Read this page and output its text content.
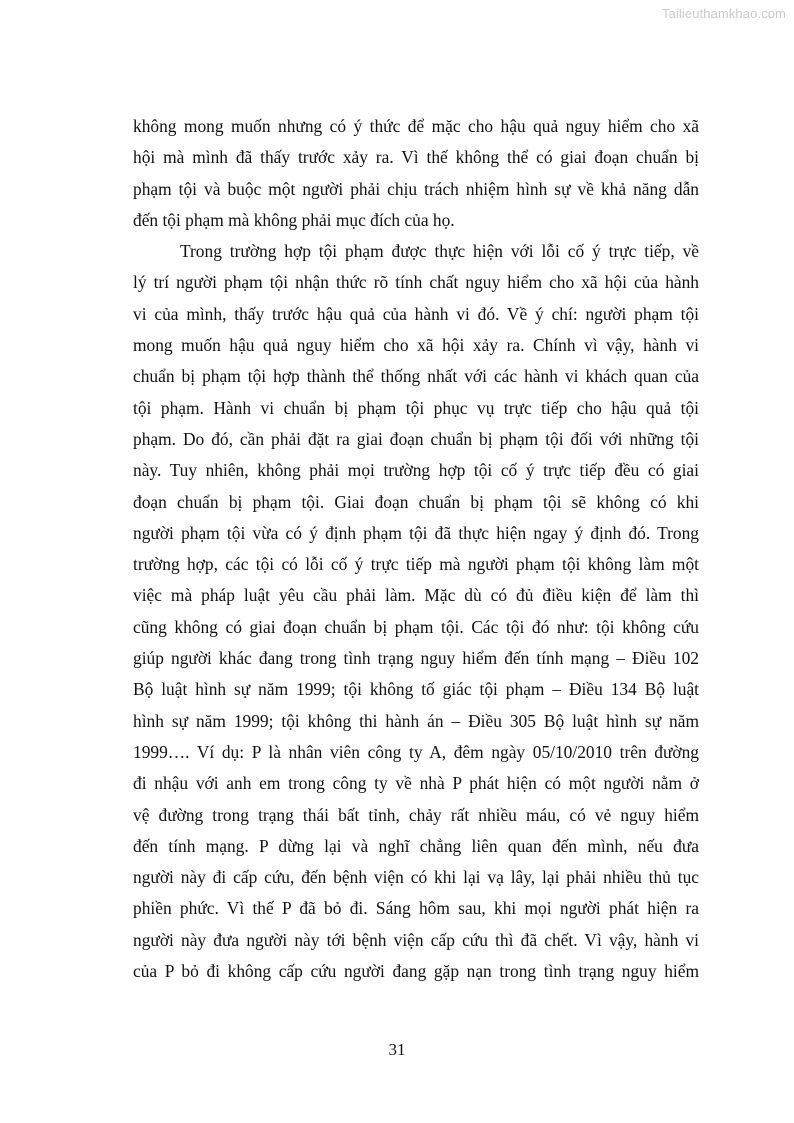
Tailieuthamkhao.com
không mong muốn nhưng có ý thức để mặc cho hậu quả nguy hiểm cho xã
hội mà mình đã thấy trước xảy ra. Vì thế không thể có giai đoạn chuẩn bị
phạm tội và buộc một người phải chịu trách nhiệm hình sự về khả năng dẫn
đến tội phạm mà không phải mục đích của họ.
Trong trường hợp tội phạm được thực hiện với lỗi cố ý trực tiếp, về
lý trí người phạm tội nhận thức rõ tính chất nguy hiểm cho xã hội của hành
vi của mình, thấy trước hậu quả của hành vi đó. Về ý chí: người phạm tội
mong muốn hậu quả nguy hiểm cho xã hội xảy ra. Chính vì vậy, hành vi
chuẩn bị phạm tội hợp thành thể thống nhất với các hành vi khách quan của
tội phạm. Hành vi chuẩn bị phạm tội phục vụ trực tiếp cho hậu quả tội
phạm. Do đó, cần phải đặt ra giai đoạn chuẩn bị phạm tội đối với những tội
này. Tuy nhiên, không phải mọi trường hợp tội cố ý trực tiếp đều có giai
đoạn chuẩn bị phạm tội. Giai đoạn chuẩn bị phạm tội sẽ không có khi
người phạm tội vừa có ý định phạm tội đã thực hiện ngay ý định đó. Trong
trường hợp, các tội có lỗi cố ý trực tiếp mà người phạm tội không làm một
việc mà pháp luật yêu cầu phải làm. Mặc dù có đủ điều kiện để làm thì
cũng không có giai đoạn chuẩn bị phạm tội. Các tội đó như: tội không cứu
giúp người khác đang trong tình trạng nguy hiểm đến tính mạng – Điều 102
Bộ luật hình sự năm 1999; tội không tố giác tội phạm – Điều 134 Bộ luật
hình sự năm 1999; tội không thi hành án – Điều 305 Bộ luật hình sự năm
1999…. Ví dụ: P là nhân viên công ty A, đêm ngày 05/10/2010 trên đường
đi nhậu với anh em trong công ty về nhà P phát hiện có một người nằm ở
vệ đường trong trạng thái bất tỉnh, chảy rất nhiều máu, có vẻ nguy hiểm
đến tính mạng. P dừng lại và nghĩ chẳng liên quan đến mình, nếu đưa
người này đi cấp cứu, đến bệnh viện có khi lại vạ lây, lại phải nhiều thủ tục
phiền phức. Vì thế P đã bỏ đi. Sáng hôm sau, khi mọi người phát hiện ra
người này đưa người này tới bệnh viện cấp cứu thì đã chết. Vì vậy, hành vi
của P bỏ đi không cấp cứu người đang gặp nạn trong tình trạng nguy hiểm
31
